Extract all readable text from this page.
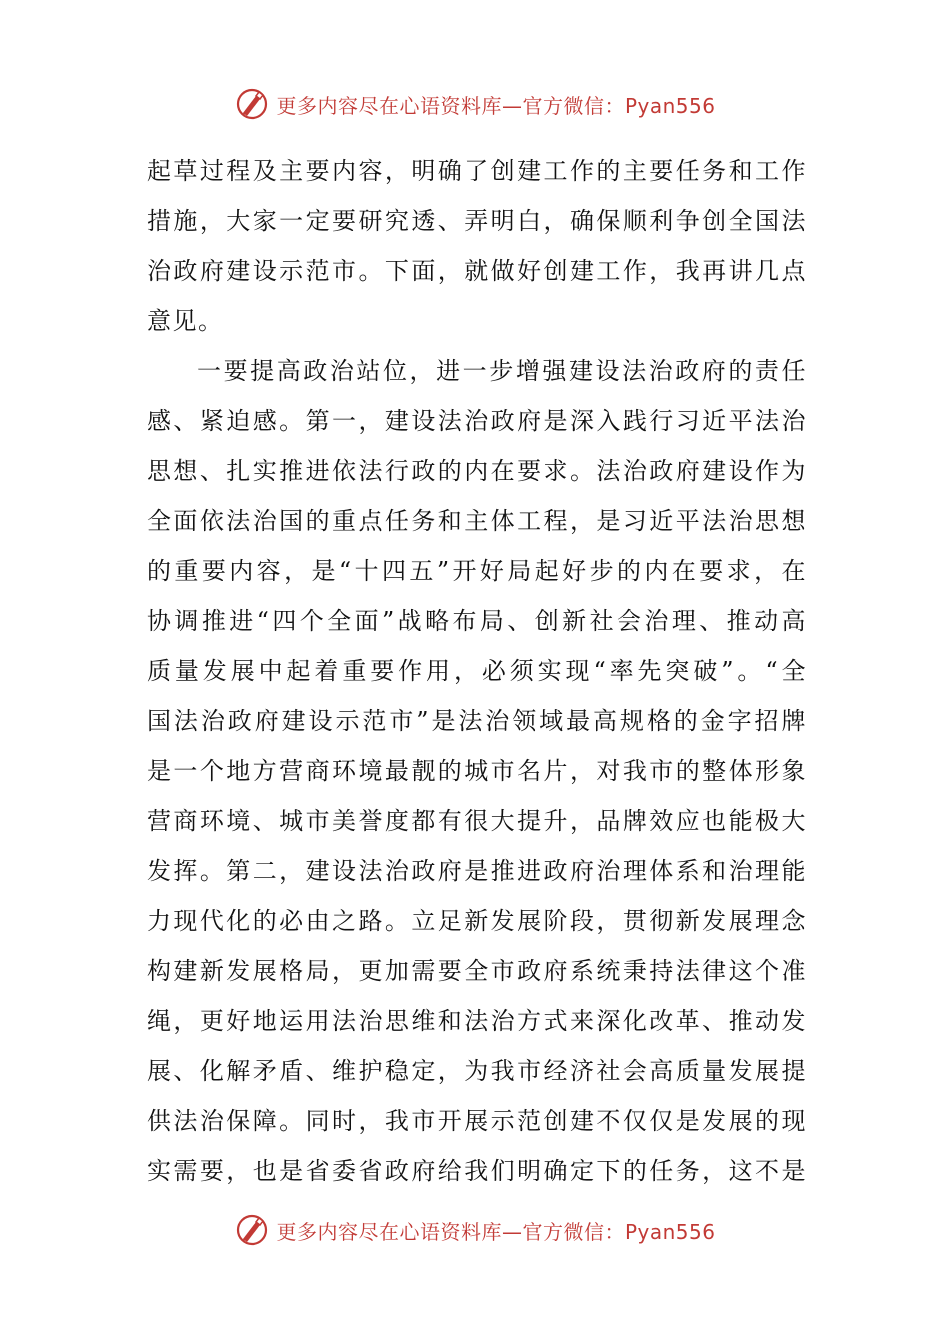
更多内容尽在心语资料库—官方微信：Pyan556

起草过程及主要内容，明确了创建工作的主要任务和工作

措施，大家一定要研究透、弄明白，确保顺利争创全国法

治政府建设示范市。下面，就做好创建工作，我再讲几点

意见。

一要提高政治站位，进一步增强建设法治政府的责任

感、紧迫感。第一，建设法治政府是深入践行习近平法治

思想、扎实推进依法行政的内在要求。法治政府建设作为

全面依法治国的重点任务和主体工程，是习近平法治思想

的重要内容，是“十四五”开好局起好步的内在要求，在

协调推进“四个全面”战略布局、创新社会治理、推动高

质量发展中起着重要作用，必须实现“率先突破”。“全

国法治政府建设示范市”是法治领域最高规格的金字招牌

是一个地方营商环境最靓的城市名片，对我市的整体形象

营商环境、城市美誉度都有很大提升，品牌效应也能极大

发挥。第二，建设法治政府是推进政府治理体系和治理能

力现代化的必由之路。立足新发展阶段，贯彻新发展理念

构建新发展格局，更加需要全市政府系统秉持法律这个准

绳，更好地运用法治思维和法治方式来深化改革、推动发

展、化解矛盾、维护稳定，为我市经济社会高质量发展提

供法治保障。同时，我市开展示范创建不仅仅是发展的现

实需要，也是省委省政府给我们明确定下的任务，这不是

更多内容尽在心语资料库—官方微信：Pyan556
